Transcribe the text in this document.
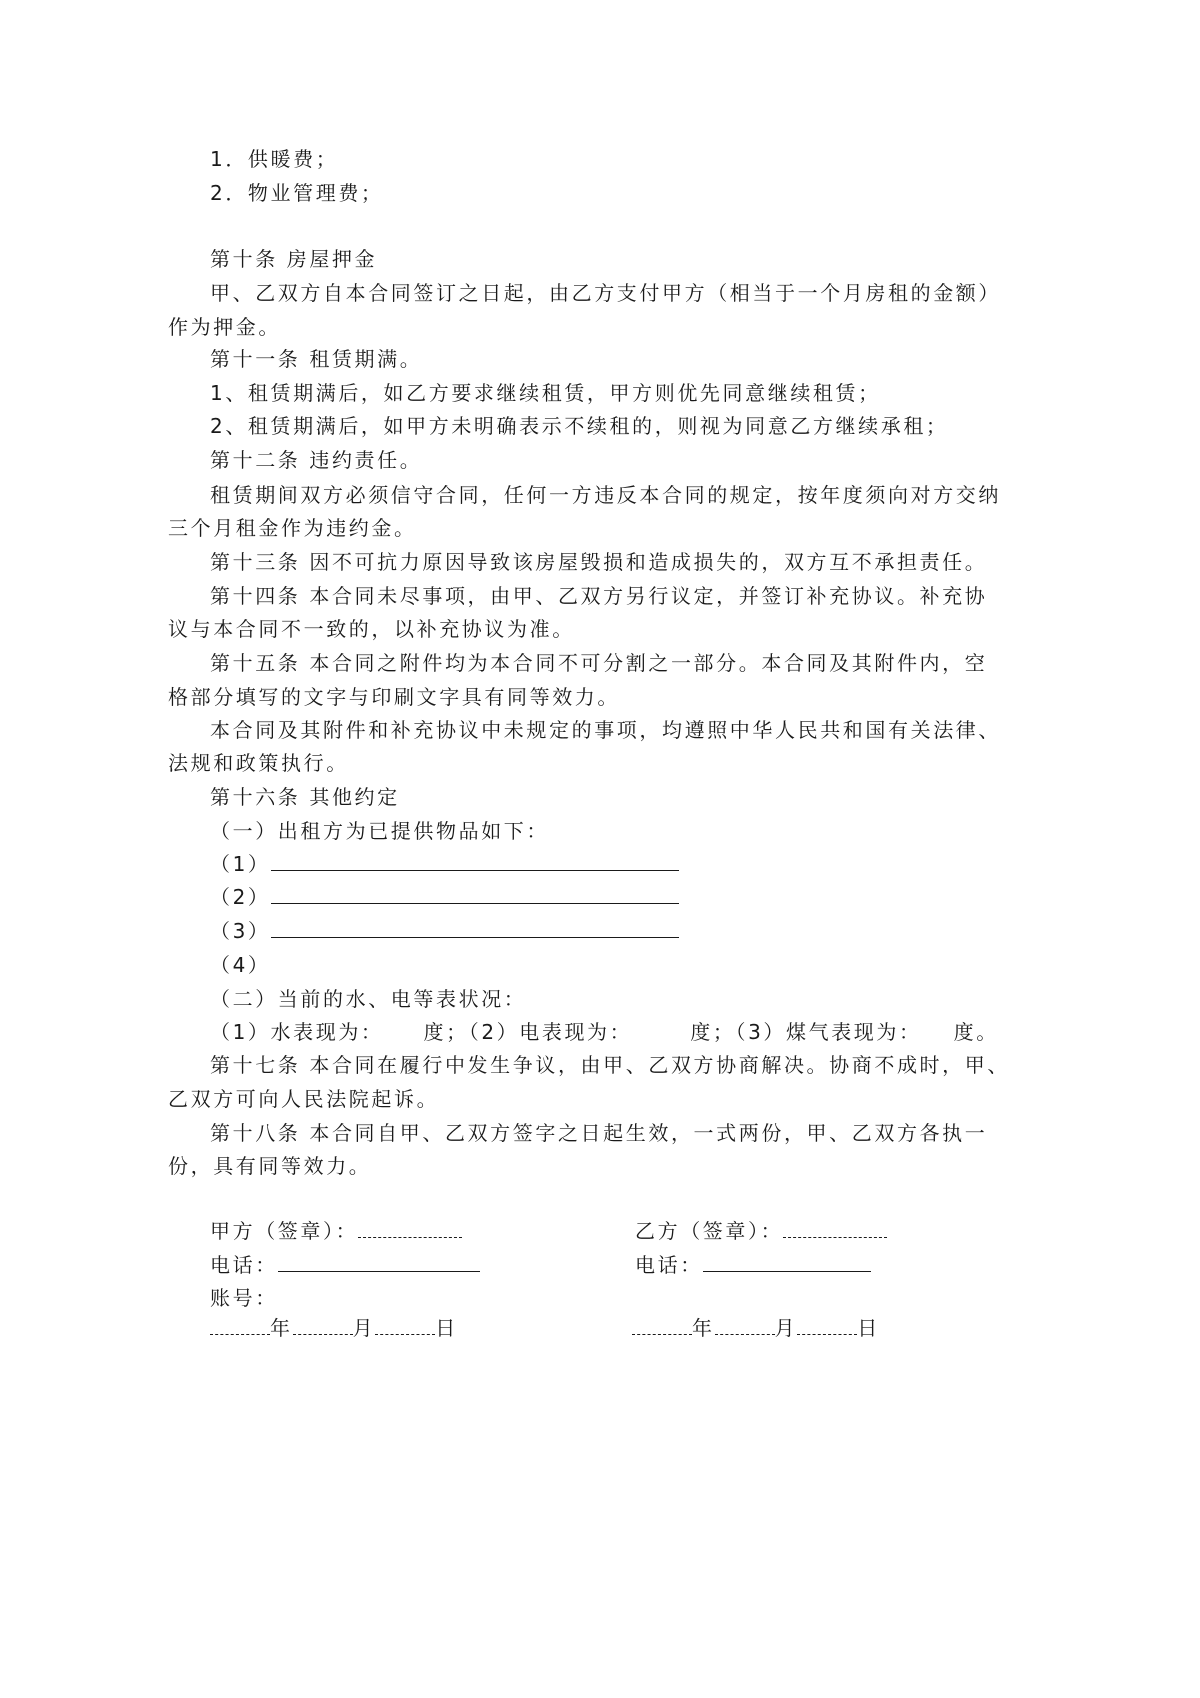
1．供暖费；
2．物业管理费；
第十条 房屋押金
甲、乙双方自本合同签订之日起，由乙方支付甲方（相当于一个月房租的金额）
作为押金。
第十一条 租赁期满。
1、租赁期满后，如乙方要求继续租赁，甲方则优先同意继续租赁；
2、租赁期满后，如甲方未明确表示不续租的，则视为同意乙方继续承租；
第十二条 违约责任。
租赁期间双方必须信守合同，任何一方违反本合同的规定，按年度须向对方交纳
三个月租金作为违约金。
第十三条 因不可抗力原因导致该房屋毁损和造成损失的，双方互不承担责任。
第十四条 本合同未尽事项，由甲、乙双方另行议定，并签订补充协议。补充协
议与本合同不一致的，以补充协议为准。
第十五条 本合同之附件均为本合同不可分割之一部分。本合同及其附件内，空
格部分填写的文字与印刷文字具有同等效力。
本合同及其附件和补充协议中未规定的事项，均遵照中华人民共和国有关法律、
法规和政策执行。
第十六条 其他约定
（一）出租方为已提供物品如下：
（1）
（2）
（3）
（4）
（二）当前的水、电等表状况：
（1）水表现为： 度；（2）电表现为：	度；（3）煤气表现为： 度。
第十七条 本合同在履行中发生争议，由甲、乙双方协商解决。协商不成时，甲、
乙双方可向人民法院起诉。
第十八条 本合同自甲、乙双方签字之日起生效，一式两份，甲、乙双方各执一
份，具有同等效力。
甲方（签章）：	乙方（签章）：
电话：	电话：
账号：
年	月	日	年	月	日
